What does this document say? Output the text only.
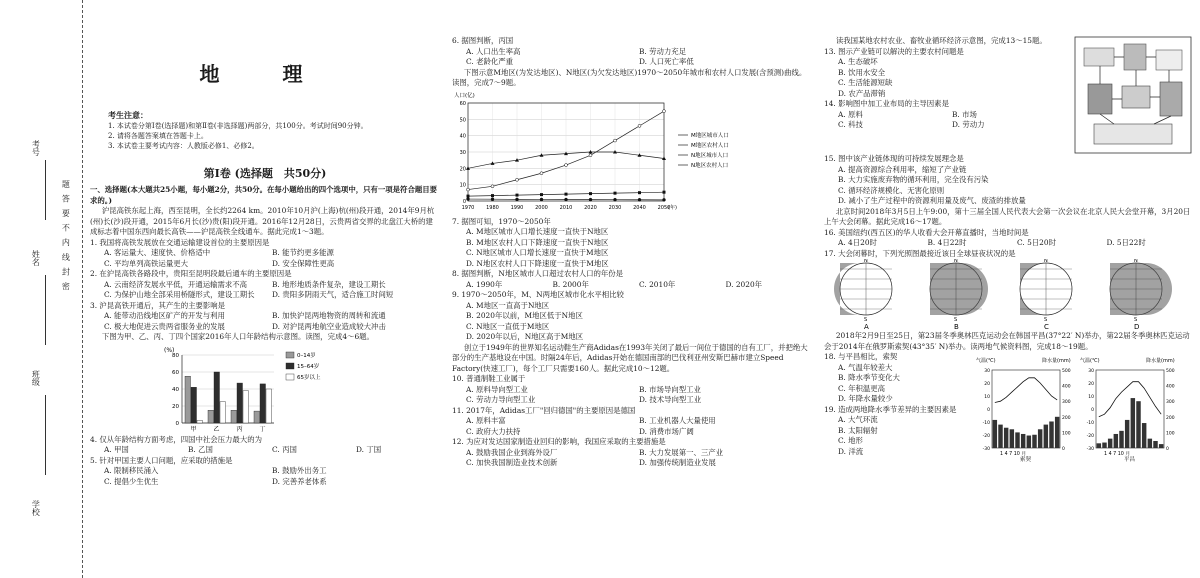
考号
姓名
班级
学校
题 答 要 不 内 线 封 密
地 理
考生注意：
1. 本试卷分第Ⅰ卷(选择题)和第Ⅱ卷(非选择题)两部分，共100分。考试时间90分钟。
2. 请将各题答案填在答题卡上。
3. 本试卷主要考试内容：人教版必修1、必修2。
第Ⅰ卷 (选择题　共50分)

一、选择题(本大题共25小题，每小题2分，共50分。在每小题给出的四个选项中，只有一项是符合题目要求的。)

沪昆高铁东起上海，西至昆明，全长约2264 km。2010年10月沪(上海)杭(州)段开通，2014年9月杭(州)长(沙)段开通，2015年6月长(沙)贵(阳)段开通。2016年12月28日，云贵两省交界的北盘江大桥的建成标志着中国东西向最长高铁——沪昆高铁全线通车。据此完成1～3题。

1. 我国将高铁发展放在交通运输建设首位的主要原因是

A. 客运量大、速度快、价格适中	B. 能节约更多能源
C. 平均单列高铁运量更大	D. 安全保障性更高

2. 在沪昆高铁各路段中，贵阳至昆明段最后通车的主要原因是

A. 云南经济发展水平低，开通运输需求不高	B. 地形地质条件复杂，建设工期长
C. 为保护山地全部采用桥隧形式，建设工期长	D. 贵阳多阴雨天气，适合施工时间短

3. 沪昆高铁开通后，其产生的主要影响是

A. 能带动沿线地区矿产的开发与利用	B. 加快沪昆两地物资的周转和流通
C. 极大地促进云贵两省服务业的发展	D. 对沪昆两地航空业造成较大冲击

下图为甲、乙、丙、丁四个国家2016年人口年龄结构示意图。读图，完成4～6题。

(%)
0
20
40
60
80
甲	乙	丙	丁
0–14岁
15–64岁
65岁以上

4. 仅从年龄结构方面考虑，四国中社会压力最大的为

A. 甲国	B. 乙国	C. 丙国	D. 丁国

5. 针对甲国主要人口问题，应采取的措施是

A. 限制移民涌入	B. 鼓励外出务工
C. 提倡少生优生	D. 完善养老体系

6. 据图判断，丙国

A. 人口出生率高	B. 劳动力充足
C. 老龄化严重	D. 人口死亡率低

下图示意M地区(为发达地区)、N地区(为欠发达地区)1970～2050年城市和农村人口发展(含预测)曲线。读图，完成7～9题。

人口(亿)
0
10
20
30
40
50
60
1970 1980 1990 2000 2010 2020 2030 2040 2050
(年)
M地区城市人口
M地区农村人口
N地区城市人口
N地区农村人口

7. 据图可知，1970～2050年

A. M地区城市人口增长速度一直快于N地区
B. M地区农村人口下降速度一直快于N地区
C. N地区城市人口增长速度一直快于M地区
D. N地区农村人口下降速度一直快于M地区

8. 据图判断，N地区城市人口超过农村人口的年份是

A. 1990年	B. 2000年	C. 2010年	D. 2020年

9. 1970～2050年，M、N两地区城市化水平相比较

A. M地区一直高于N地区
B. 2020年以前，M地区低于N地区
C. N地区一直低于M地区
D. 2020年以后，N地区高于M地区

创立于1949年的世界知名运动鞋生产商Adidas在1993年关闭了最后一间位于德国的自有工厂，并把绝大部分的生产基地设在中国。时隔24年后，Adidas开始在德国南部的巴伐利亚州安斯巴赫市建立Speed Factory(快速工厂)，每个工厂只需要160人。据此完成10～12题。

10. 普通制鞋工业属于

A. 原料导向型工业	B. 市场导向型工业
C. 劳动力导向型工业	D. 技术导向型工业

11. 2017年，Adidas工厂"回归德国"的主要原因是德国

A. 原料丰富	B. 工业机器人大量使用
C. 政府大力扶持	D. 消费市场广阔

12. 为应对发达国家制造业回归的影响，我国应采取的主要措施是

A. 鼓励我国企业到海外设厂	B. 大力发展第一、三产业
C. 加快我国制造业技术创新	D. 加强传统制造业发展

读我国某地农村农业、畜牧业循环经济示意图，完成13～15题。

13. 图示产业链可以解决的主要农村问题是

A. 生态破坏
B. 饮用水安全
C. 生活能源短缺
D. 农产品滞销

14. 影响图中加工业布局的主导因素是

A. 原料	B. 市场
C. 科技	D. 劳动力

15. 图中该产业链体现的可持续发展理念是

A. 提高资源综合利用率，缩短了产业链
B. 大力实施废弃物的循环利用，完全没有污染
C. 循环经济规模化、无害化原则
D. 减小了生产过程中的资源利用量及废气、废渣的排放量

北京时间2018年3月5日上午9:00，第十三届全国人民代表大会第一次会议在北京人民大会堂开幕，3月20日上午大会闭幕。据此完成16～17题。

16. 美国纽约(西五区)的华人收看大会开幕直播时，当地时间是

A. 4日20时	B. 4日22时	C. 5日20时	D. 5日22时

17. 大会闭幕时，下列光照图最接近该日全球昼夜状况的是

N
S
A
N
S
B
N
S
C
N
S
D

2018年2月9日至25日，第23届冬季奥林匹克运动会在韩国平昌(37°22′ N)举办，第22届冬季奥林匹克运动会于2014年在俄罗斯索契(43°35′ N)举办。读两地气候资料图，完成18～19题。

18. 与平昌相比，索契

A. 气温年较差大
B. 降水季节变化大
C. 年积温更高
D. 年降水量较少

19. 造成两地降水季节差异的主要因素是

A. 大气环流
B. 太阳辐射
C. 地形
D. 洋流
气温(℃)	降水量(mm)
30
20
10
0
-10
-20
-30
500
400
300
200
100
0
1 4 7 10 月
索契
气温(℃)	降水量(mm)
30
20
10
0
-10
-20
-30
500
400
300
200
100
0
1 4 7 10 月
平昌
